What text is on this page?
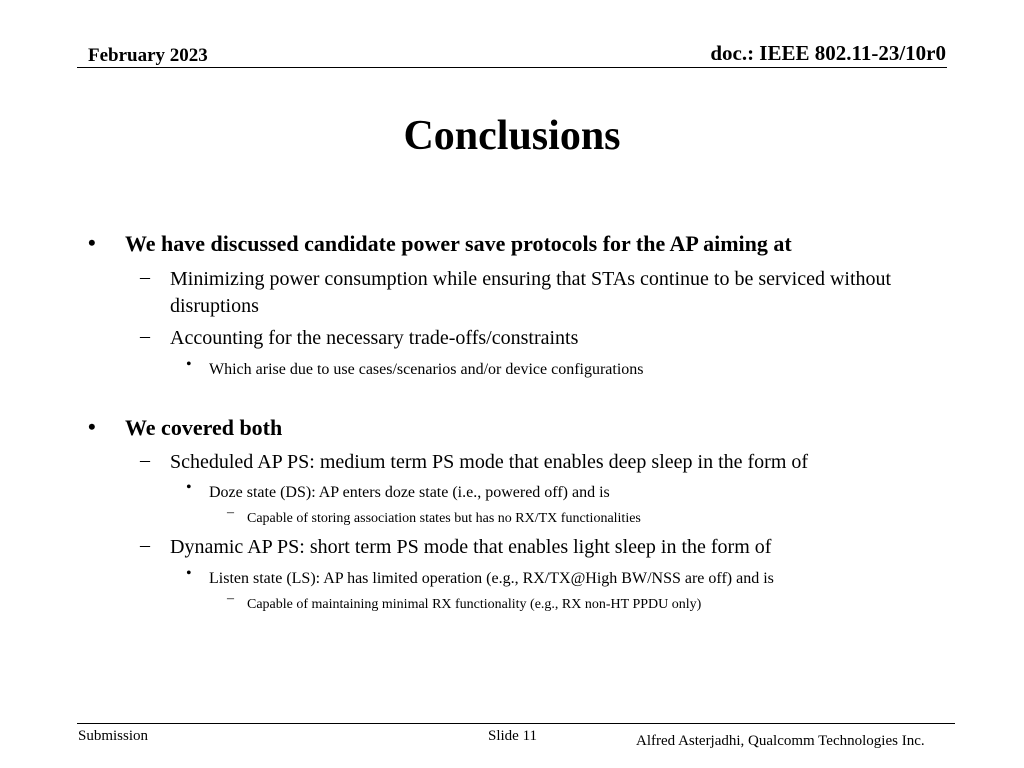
February 2023	doc.: IEEE 802.11-23/10r0
Conclusions
• We have discussed candidate power save protocols for the AP aiming at
– Minimizing power consumption while ensuring that STAs continue to be serviced without disruptions
– Accounting for the necessary trade-offs/constraints
• Which arise due to use cases/scenarios and/or device configurations
• We covered both
– Scheduled AP PS: medium term PS mode that enables deep sleep in the form of
• Doze state (DS): AP enters doze state (i.e., powered off) and is
– Capable of storing association states but has no RX/TX functionalities
– Dynamic AP PS: short term PS mode that enables light sleep in the form of
• Listen state (LS): AP has limited operation (e.g., RX/TX@High BW/NSS are off) and is
– Capable of maintaining minimal RX functionality (e.g., RX non-HT PPDU only)
Submission	Slide 11	Alfred Asterjadhi, Qualcomm Technologies Inc.
